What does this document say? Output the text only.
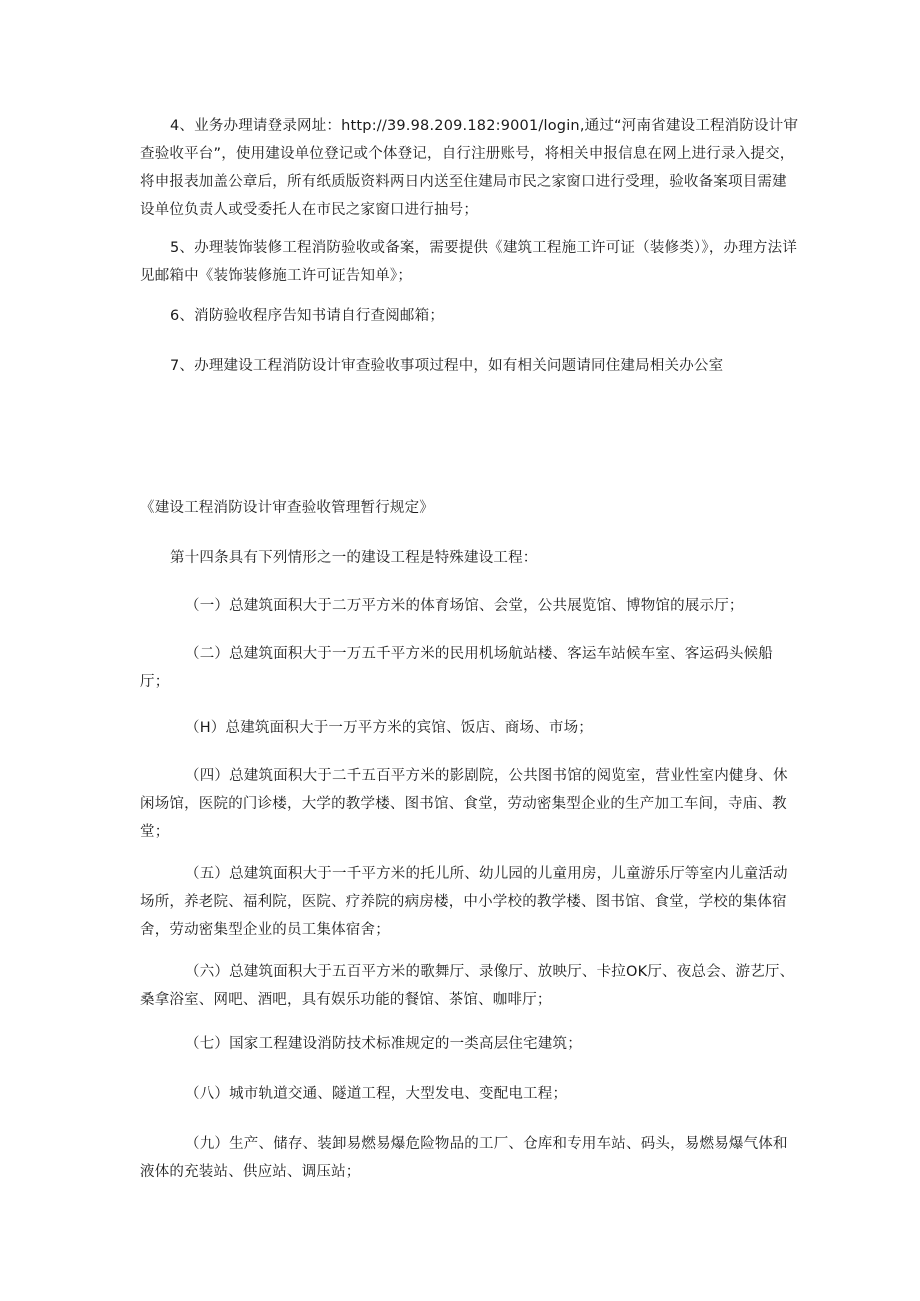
4、业务办理请登录网址：http://39.98.209.182:9001/login,通过“河南省建设工程消防设计审查验收平台”，使用建设单位登记或个体登记，自行注册账号，将相关申报信息在网上进行录入提交，将申报表加盖公章后，所有纸质版资料两日内送至住建局市民之家窗口进行受理，验收备案项目需建设单位负责人或受委托人在市民之家窗口进行抽号；

5、办理装饰装修工程消防验收或备案，需要提供《建筑工程施工许可证（装修类）》，办理方法详见邮箱中《装饰装修施工许可证告知单》；

6、消防验收程序告知书请自行查阅邮箱；

7、办理建设工程消防设计审查验收事项过程中，如有相关问题请同住建局相关办公室

《建设工程消防设计审查验收管理暂行规定》

第十四条具有下列情形之一的建设工程是特殊建设工程：

（一）总建筑面积大于二万平方米的体育场馆、会堂，公共展览馆、博物馆的展示厅；

（二）总建筑面积大于一万五千平方米的民用机场航站楼、客运车站候车室、客运码头候船厅；

（H）总建筑面积大于一万平方米的宾馆、饭店、商场、市场；

（四）总建筑面积大于二千五百平方米的影剧院，公共图书馆的阅览室，营业性室内健身、休闲场馆，医院的门诊楼，大学的教学楼、图书馆、食堂，劳动密集型企业的生产加工车间，寺庙、教堂；

（五）总建筑面积大于一千平方米的托儿所、幼儿园的儿童用房，儿童游乐厅等室内儿童活动场所，养老院、福利院，医院、疗养院的病房楼，中小学校的教学楼、图书馆、食堂，学校的集体宿舍，劳动密集型企业的员工集体宿舍；

（六）总建筑面积大于五百平方米的歌舞厅、录像厅、放映厅、卡拉OK厅、夜总会、游艺厅、桑拿浴室、网吧、酒吧，具有娱乐功能的餐馆、茶馆、咖啡厅；

（七）国家工程建设消防技术标准规定的一类高层住宅建筑；

（八）城市轨道交通、隧道工程，大型发电、变配电工程；

（九）生产、储存、装卸易燃易爆危险物品的工厂、仓库和专用车站、码头，易燃易爆气体和液体的充装站、供应站、调压站；
